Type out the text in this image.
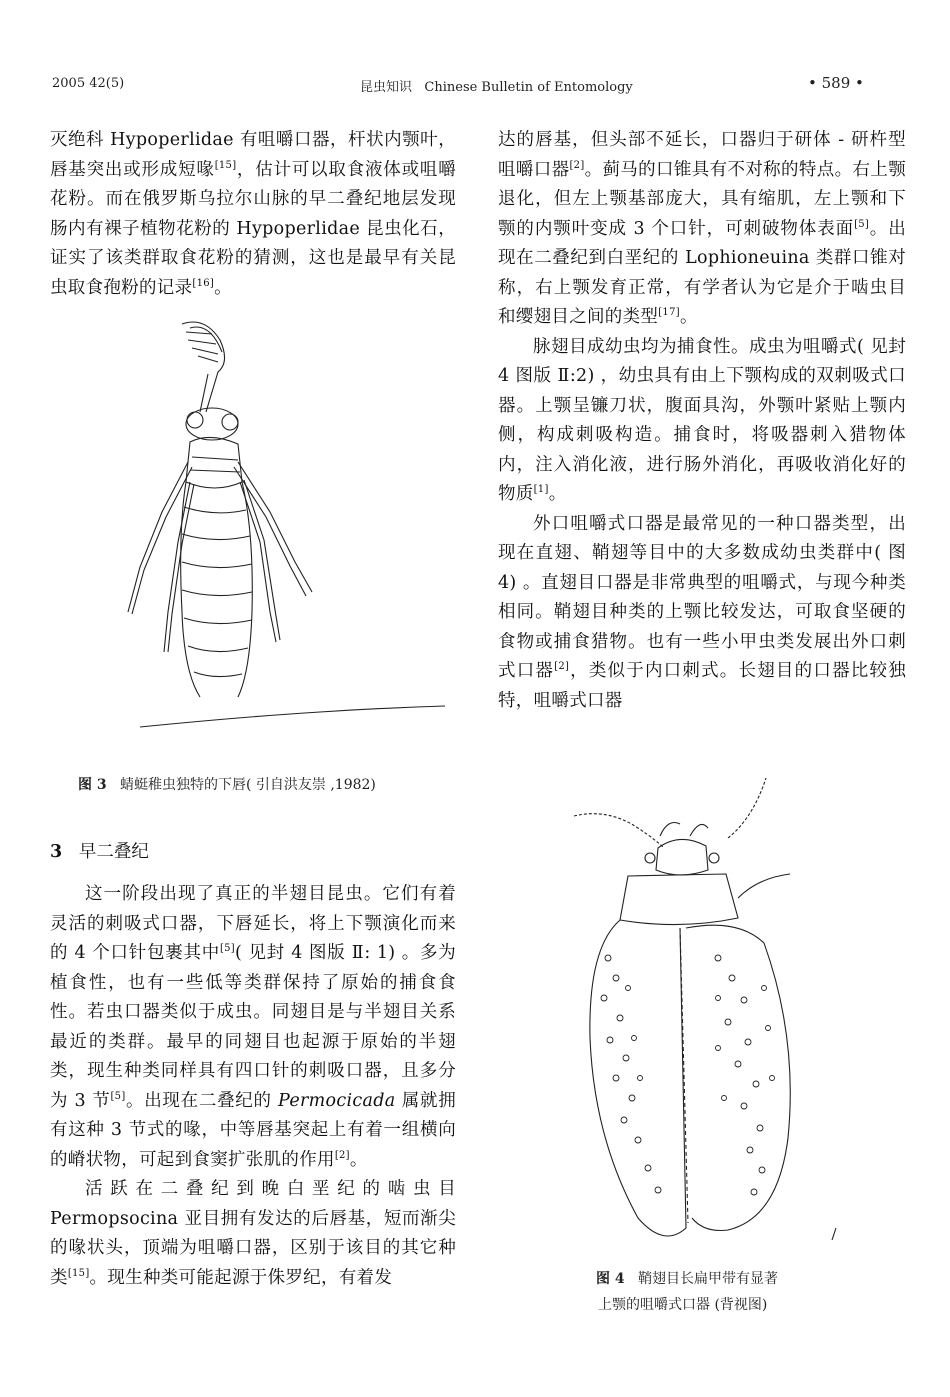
2005 42(5)	昆虫知识   Chinese Bulletin of Entomology	• 589 •

灭绝科 Hypoperlidae 有咀嚼口器，杆状内颚叶，唇基突出或形成短喙[15]，估计可以取食液体或咀嚼花粉。而在俄罗斯乌拉尔山脉的早二叠纪地层发现肠内有裸子植物花粉的 Hypoperlidae 昆虫化石，证实了该类群取食花粉的猜测，这也是最早有关昆虫取食孢粉的记录[16]。

图 3 蜻蜓稚虫独特的下唇( 引自洪友崇 ,1982)
3 早二叠纪

这一阶段出现了真正的半翅目昆虫。它们有着灵活的刺吸式口器，下唇延长，将上下颚演化而来的 4 个口针包裹其中[5]( 见封 4 图版 Ⅱ: 1) 。多为植食性，也有一些低等类群保持了原始的捕食食性。若虫口器类似于成虫。同翅目是与半翅目关系最近的类群。最早的同翅目也起源于原始的半翅类，现生种类同样具有四口针的刺吸口器，且多分为 3 节[5]。出现在二叠纪的 Permocicada 属就拥有这种 3 节式的喙，中等唇基突起上有着一组横向的嵴状物，可起到食窦扩张肌的作用[2]。

活跃在二叠纪到晚白垩纪的啮虫目 Permopsocina 亚目拥有发达的后唇基，短而渐尖的喙状头，顶端为咀嚼口器，区别于该目的其它种类[15]。现生种类可能起源于侏罗纪，有着发

达的唇基，但头部不延长，口器归于研体 - 研杵型咀嚼口器[2]。蓟马的口锥具有不对称的特点。右上颚退化，但左上颚基部庞大，具有缩肌，左上颚和下颚的内颚叶变成 3 个口针，可刺破物体表面[5]。出现在二叠纪到白垩纪的 Lophioneuina 类群口锥对称，右上颚发育正常，有学者认为它是介于啮虫目和缨翅目之间的类型[17]。

脉翅目成幼虫均为捕食性。成虫为咀嚼式( 见封 4 图版 Ⅱ:2) ，幼虫具有由上下颚构成的双刺吸式口器。上颚呈镰刀状，腹面具沟，外颚叶紧贴上颚内侧，构成刺吸构造。捕食时，将吸器刺入猎物体内，注入消化液，进行肠外消化，再吸收消化好的物质[1]。

外口咀嚼式口器是最常见的一种口器类型，出现在直翅、鞘翅等目中的大多数成幼虫类群中( 图 4) 。直翅目口器是非常典型的咀嚼式，与现今种类相同。鞘翅目种类的上颚比较发达，可取食坚硬的食物或捕食猎物。也有一些小甲虫类发展出外口刺式口器[2]，类似于内口刺式。长翅目的口器比较独特，咀嚼式口器

图 4 鞘翅目长扁甲带有显著
上颚的咀嚼式口器 (背视图)
